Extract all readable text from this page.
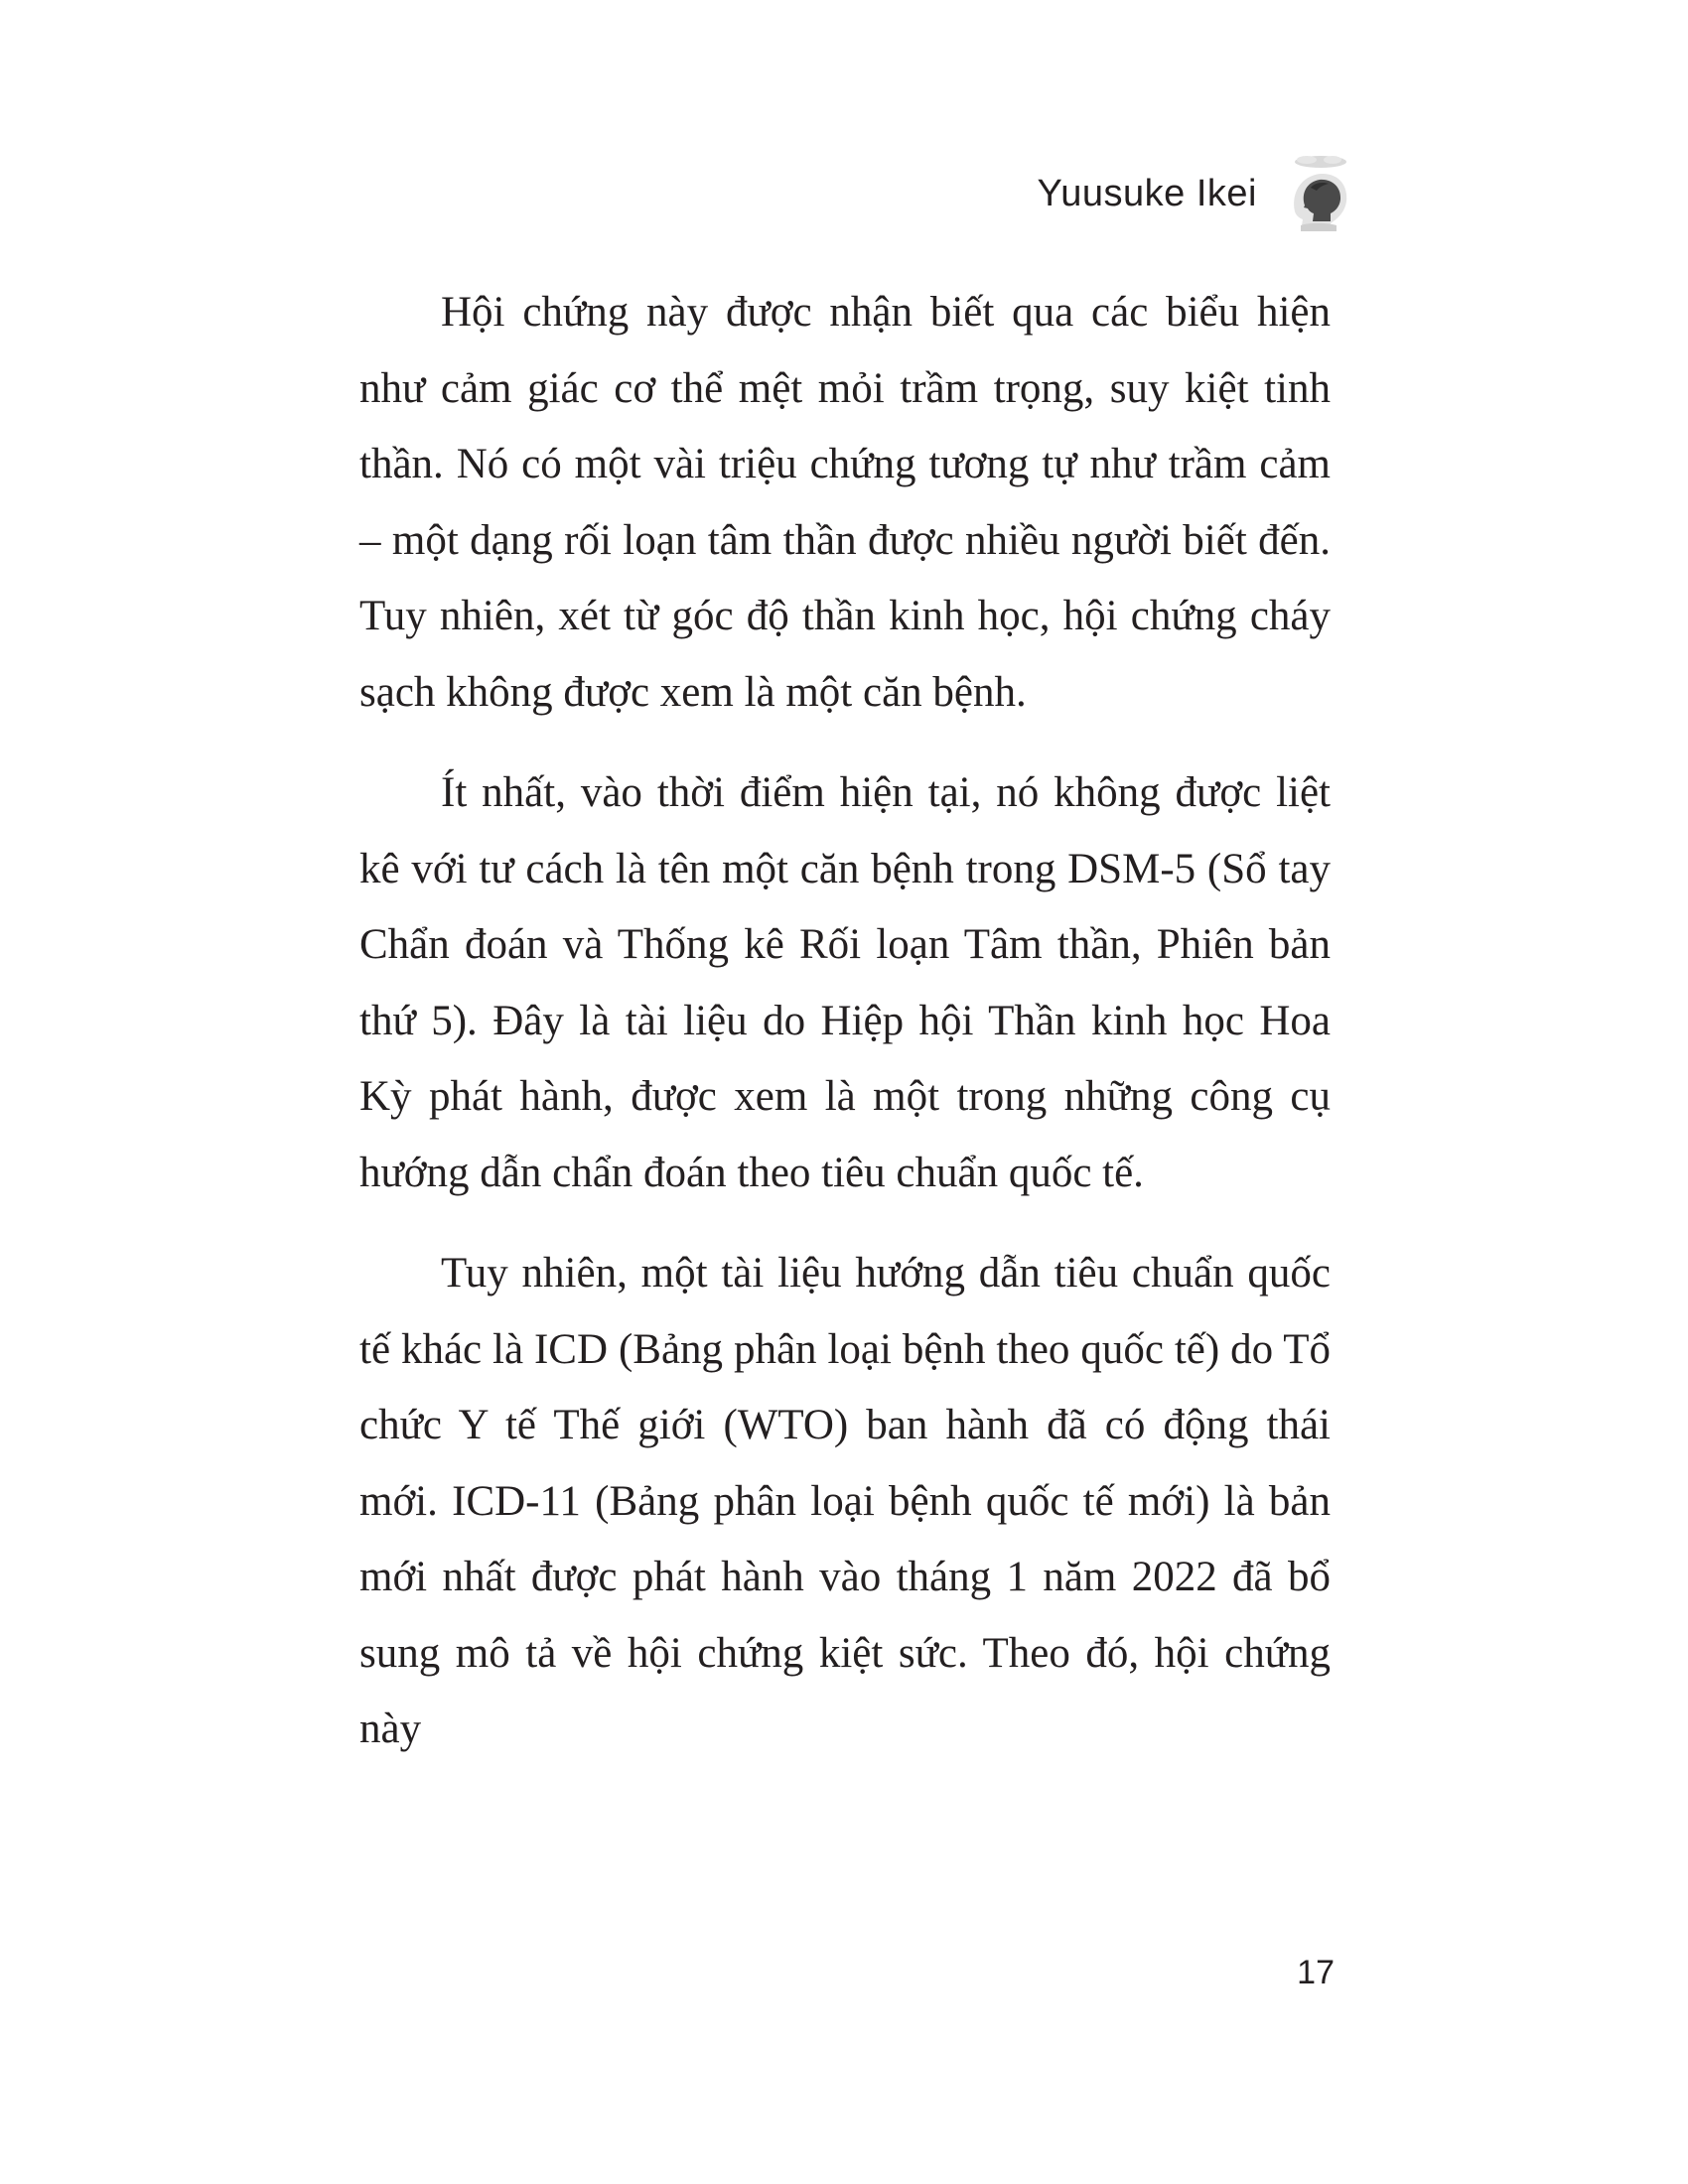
Yuusuke Ikei

Hội chứng này được nhận biết qua các biểu hiện như cảm giác cơ thể mệt mỏi trầm trọng, suy kiệt tinh thần. Nó có một vài triệu chứng tương tự như trầm cảm – một dạng rối loạn tâm thần được nhiều người biết đến. Tuy nhiên, xét từ góc độ thần kinh học, hội chứng cháy sạch không được xem là một căn bệnh.

Ít nhất, vào thời điểm hiện tại, nó không được liệt kê với tư cách là tên một căn bệnh trong DSM-5 (Sổ tay Chẩn đoán và Thống kê Rối loạn Tâm thần, Phiên bản thứ 5). Đây là tài liệu do Hiệp hội Thần kinh học Hoa Kỳ phát hành, được xem là một trong những công cụ hướng dẫn chẩn đoán theo tiêu chuẩn quốc tế.

Tuy nhiên, một tài liệu hướng dẫn tiêu chuẩn quốc tế khác là ICD (Bảng phân loại bệnh theo quốc tế) do Tổ chức Y tế Thế giới (WTO) ban hành đã có động thái mới. ICD-11 (Bảng phân loại bệnh quốc tế mới) là bản mới nhất được phát hành vào tháng 1 năm 2022 đã bổ sung mô tả về hội chứng kiệt sức. Theo đó, hội chứng này

17
